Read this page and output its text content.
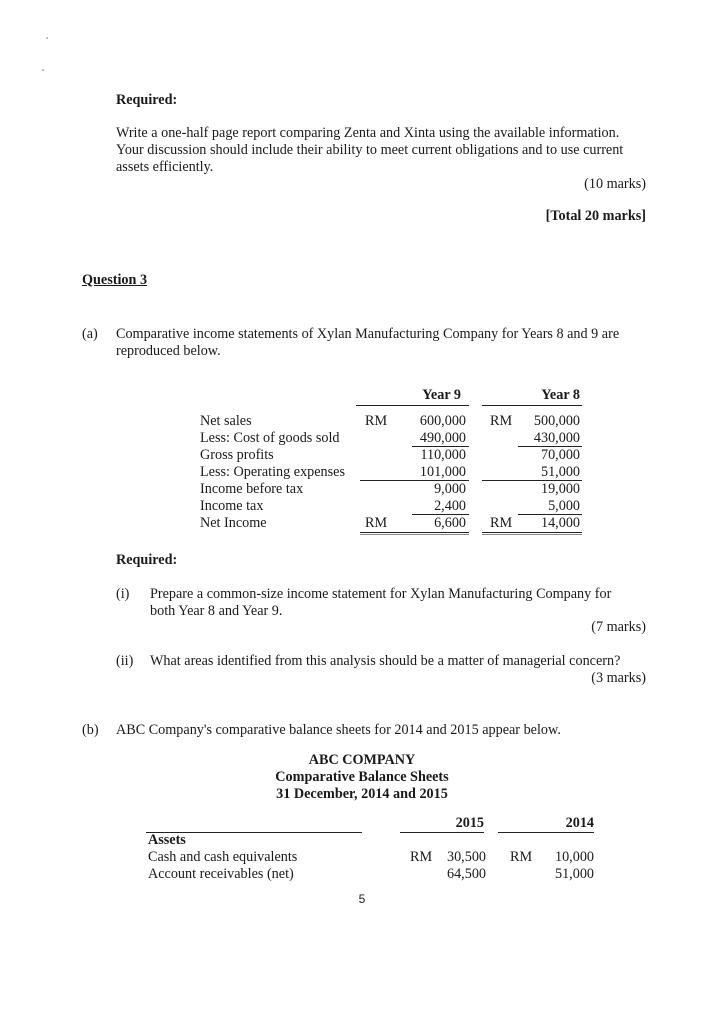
Required:
Write a one-half page report comparing Zenta and Xinta using the available information.
Your discussion should include their ability to meet current obligations and to use current
assets efficiently.
(10 marks)
[Total 20 marks]
Question 3
(a) Comparative income statements of Xylan Manufacturing Company for Years 8 and 9 are
reproduced below.
Year 9	Year 8
Net sales	RM 600,000 RM 500,000
Less: Cost of goods sold	490,000	430,000
Gross profits	110,000	70,000
Less: Operating expenses	101,000	51,000
Income before tax	9,000	19,000
Income tax	2,400	5,000
Net Income	RM	6,600 RM 14,000
Required:
(i) Prepare a common-size income statement for Xylan Manufacturing Company for
both Year 8 and Year 9.
(7 marks)
(ii) What areas identified from this analysis should be a matter of managerial concern?
(3 marks)
(b) ABC Company's comparative balance sheets for 2014 and 2015 appear below.
ABC COMPANY
Comparative Balance Sheets
31 December, 2014 and 2015
2015	2014
Assets
Cash and cash equivalents	RM 30,500 RM 10,000
Account receivables (net)	64,500	51,000
5
